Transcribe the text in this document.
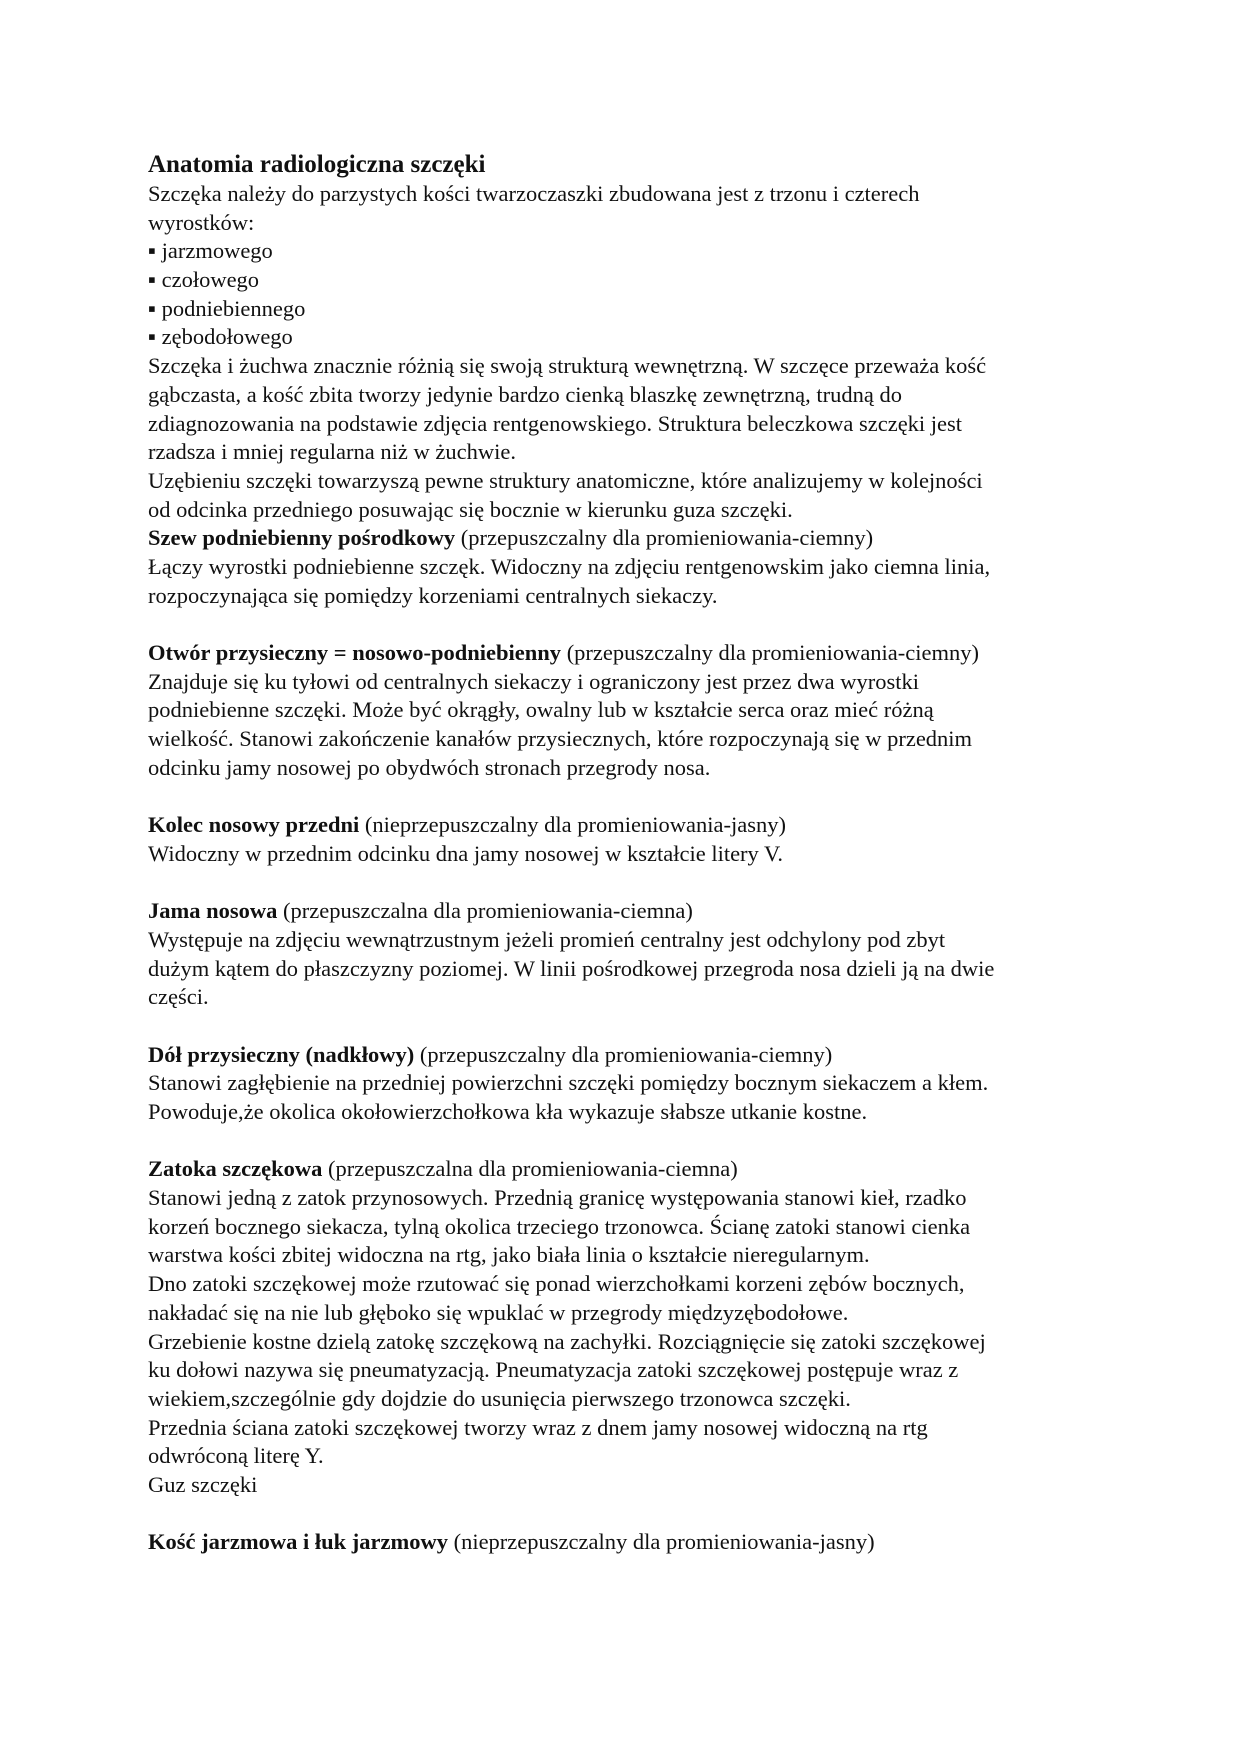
Anatomia radiologiczna szczęki
Szczęka należy do parzystych kości twarzoczaszki zbudowana jest z trzonu i czterech
wyrostków:
▪ jarzmowego
▪ czołowego
▪ podniebiennego
▪ zębodołowego
Szczęka i żuchwa znacznie różnią się swoją strukturą wewnętrzną. W szczęce przeważa kość
gąbczasta, a kość zbita tworzy jedynie bardzo cienką blaszkę zewnętrzną, trudną do
zdiagnozowania na podstawie zdjęcia rentgenowskiego. Struktura beleczkowa szczęki jest
rzadsza i mniej regularna niż w żuchwie.
Uzębieniu szczęki towarzyszą pewne struktury anatomiczne, które analizujemy w kolejności
od odcinka przedniego posuwając się bocznie w kierunku guza szczęki.
Szew podniebienny pośrodkowy (przepuszczalny dla promieniowania-ciemny)
Łączy wyrostki podniebienne szczęk. Widoczny na zdjęciu rentgenowskim jako ciemna linia,
rozpoczynająca się pomiędzy korzeniami centralnych siekaczy.
Otwór przysieczny = nosowo-podniebienny (przepuszczalny dla promieniowania-ciemny)
Znajduje się ku tyłowi od centralnych siekaczy i ograniczony jest przez dwa wyrostki
podniebienne szczęki. Może być okrągły, owalny lub w kształcie serca oraz mieć różną
wielkość. Stanowi zakończenie kanałów przysiecznych, które rozpoczynają się w przednim
odcinku jamy nosowej po obydwóch stronach przegrody nosa.
Kolec nosowy przedni (nieprzepuszczalny dla promieniowania-jasny)
Widoczny w przednim odcinku dna jamy nosowej w kształcie litery V.
Jama nosowa (przepuszczalna dla promieniowania-ciemna)
Występuje na zdjęciu wewnątrzustnym jeżeli promień centralny jest odchylony pod zbyt
dużym kątem do płaszczyzny poziomej. W linii pośrodkowej przegroda nosa dzieli ją na dwie
części.
Dół przysieczny (nadkłowy) (przepuszczalny dla promieniowania-ciemny)
Stanowi zagłębienie na przedniej powierzchni szczęki pomiędzy bocznym siekaczem a kłem.
Powoduje,że okolica okołowierzchołkowa kła wykazuje słabsze utkanie kostne.
Zatoka szczękowa (przepuszczalna dla promieniowania-ciemna)
Stanowi jedną z zatok przynosowych. Przednią granicę występowania stanowi kieł, rzadko
korzeń bocznego siekacza, tylną okolica trzeciego trzonowca. Ścianę zatoki stanowi cienka
warstwa kości zbitej widoczna na rtg, jako biała linia o kształcie nieregularnym.
Dno zatoki szczękowej może rzutować się ponad wierzchołkami korzeni zębów bocznych,
nakładać się na nie lub głęboko się wpuklać w przegrody międzyzębodołowe.
Grzebienie kostne dzielą zatokę szczękową na zachyłki. Rozciągnięcie się zatoki szczękowej
ku dołowi nazywa się pneumatyzacją. Pneumatyzacja zatoki szczękowej postępuje wraz z
wiekiem,szczególnie gdy dojdzie do usunięcia pierwszego trzonowca szczęki.
Przednia ściana zatoki szczękowej tworzy wraz z dnem jamy nosowej widoczną na rtg
odwróconą literę Y.
Guz szczęki
Kość jarzmowa i łuk jarzmowy (nieprzepuszczalny dla promieniowania-jasny)
